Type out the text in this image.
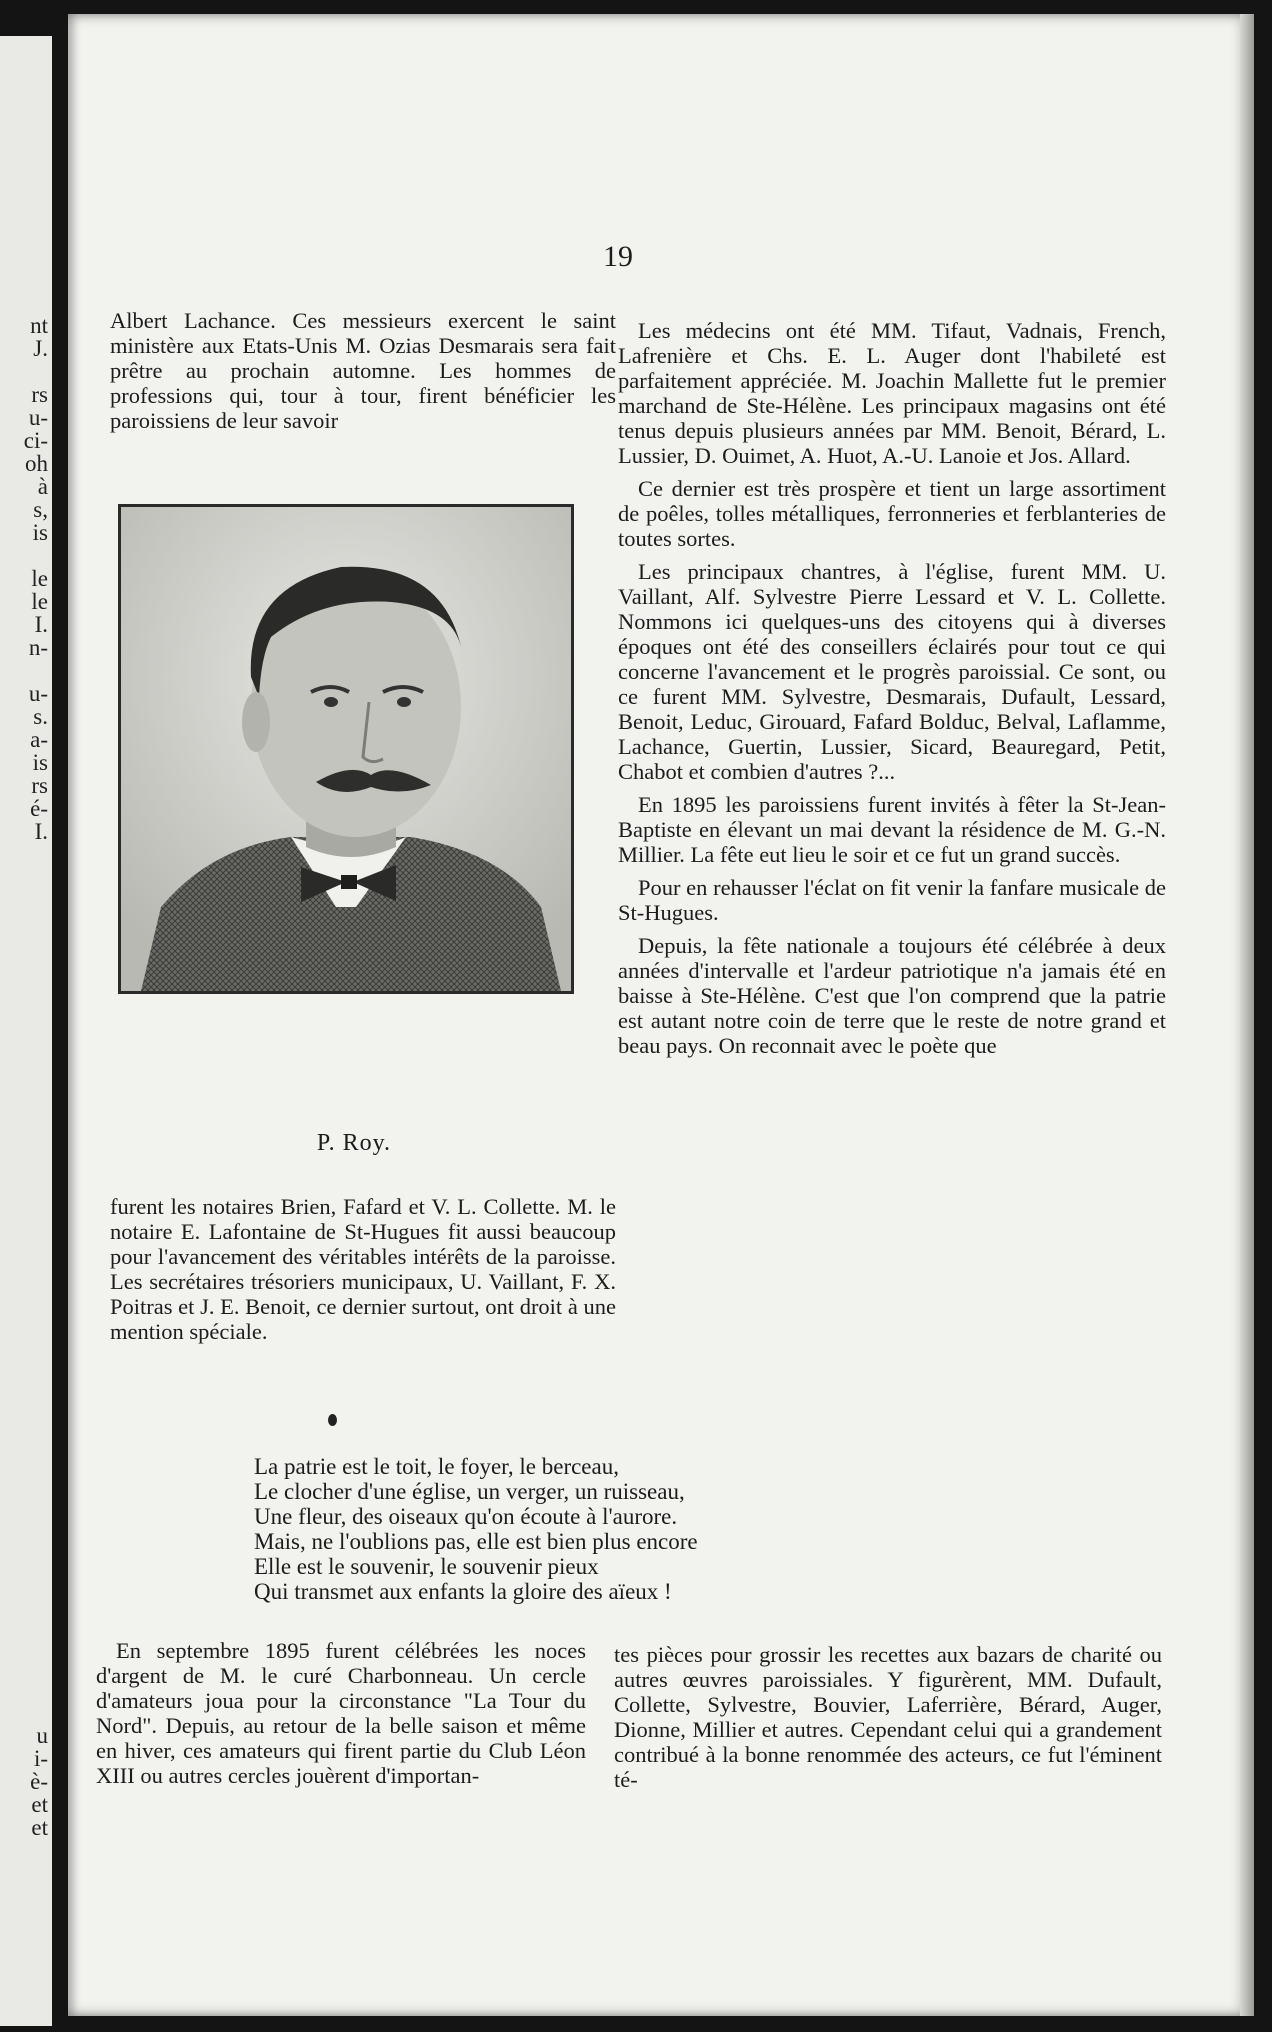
nt
J.
rs
u-
ci-
oh
à
s,
is
le
le
I.
n-
u-
s.
a-
is
rs
é-
I.
u
i-
è-
et
et
19

Albert Lachance. Ces messieurs exercent le saint ministère aux Etats-Unis M. Ozias Desmarais sera fait prêtre au prochain automne. Les hommes de professions qui, tour à tour, firent bénéficier les paroissiens de leur savoir

P. Roy.

furent les notaires Brien, Fafard et V. L. Collette. M. le notaire E. Lafontaine de St-Hugues fit aussi beaucoup pour l'avancement des véritables intérêts de la paroisse. Les secrétaires trésoriers municipaux, U. Vaillant, F. X. Poitras et J. E. Benoit, ce dernier surtout, ont droit à une mention spéciale.

Les médecins ont été MM. Tifaut, Vadnais, French, Lafrenière et Chs. E. L. Auger dont l'habileté est parfaitement appréciée. M. Joachin Mallette fut le premier marchand de Ste-Hélène. Les principaux magasins ont été tenus depuis plusieurs années par MM. Benoit, Bérard, L. Lussier, D. Ouimet, A. Huot, A.-U. Lanoie et Jos. Allard.

Ce dernier est très prospère et tient un large assortiment de poêles, tolles métalliques, ferronneries et ferblanteries de toutes sortes.

Les principaux chantres, à l'église, furent MM. U. Vaillant, Alf. Sylvestre Pierre Lessard et V. L. Collette. Nommons ici quelques-uns des citoyens qui à diverses époques ont été des conseillers éclairés pour tout ce qui concerne l'avancement et le progrès paroissial. Ce sont, ou ce furent MM. Sylvestre, Desmarais, Dufault, Lessard, Benoit, Leduc, Girouard, Fafard Bolduc, Belval, Laflamme, Lachance, Guertin, Lussier, Sicard, Beauregard, Petit, Chabot et combien d'autres ?...

En 1895 les paroissiens furent invités à fêter la St-Jean-Baptiste en élevant un mai devant la résidence de M. G.-N. Millier. La fête eut lieu le soir et ce fut un grand succès.

Pour en rehausser l'éclat on fit venir la fanfare musicale de St-Hugues.

Depuis, la fête nationale a toujours été célébrée à deux années d'intervalle et l'ardeur patriotique n'a jamais été en baisse à Ste-Hélène. C'est que l'on comprend que la patrie est autant notre coin de terre que le reste de notre grand et beau pays. On reconnait avec le poète que

La patrie est le toit, le foyer, le berceau,
Le clocher d'une église, un verger, un ruisseau,
Une fleur, des oiseaux qu'on écoute à l'aurore.
Mais, ne l'oublions pas, elle est bien plus encore
Elle est le souvenir, le souvenir pieux
Qui transmet aux enfants la gloire des aïeux !

En septembre 1895 furent célébrées les noces d'argent de M. le curé Charbonneau. Un cercle d'amateurs joua pour la circonstance "La Tour du Nord". Depuis, au retour de la belle saison et même en hiver, ces amateurs qui firent partie du Club Léon XIII ou autres cercles jouèrent d'importan-

tes pièces pour grossir les recettes aux bazars de charité ou autres œuvres paroissiales. Y figurèrent, MM. Dufault, Collette, Sylvestre, Bouvier, Laferrière, Bérard, Auger, Dionne, Millier et autres. Cependant celui qui a grandement contribué à la bonne renommée des acteurs, ce fut l'éminent té-
